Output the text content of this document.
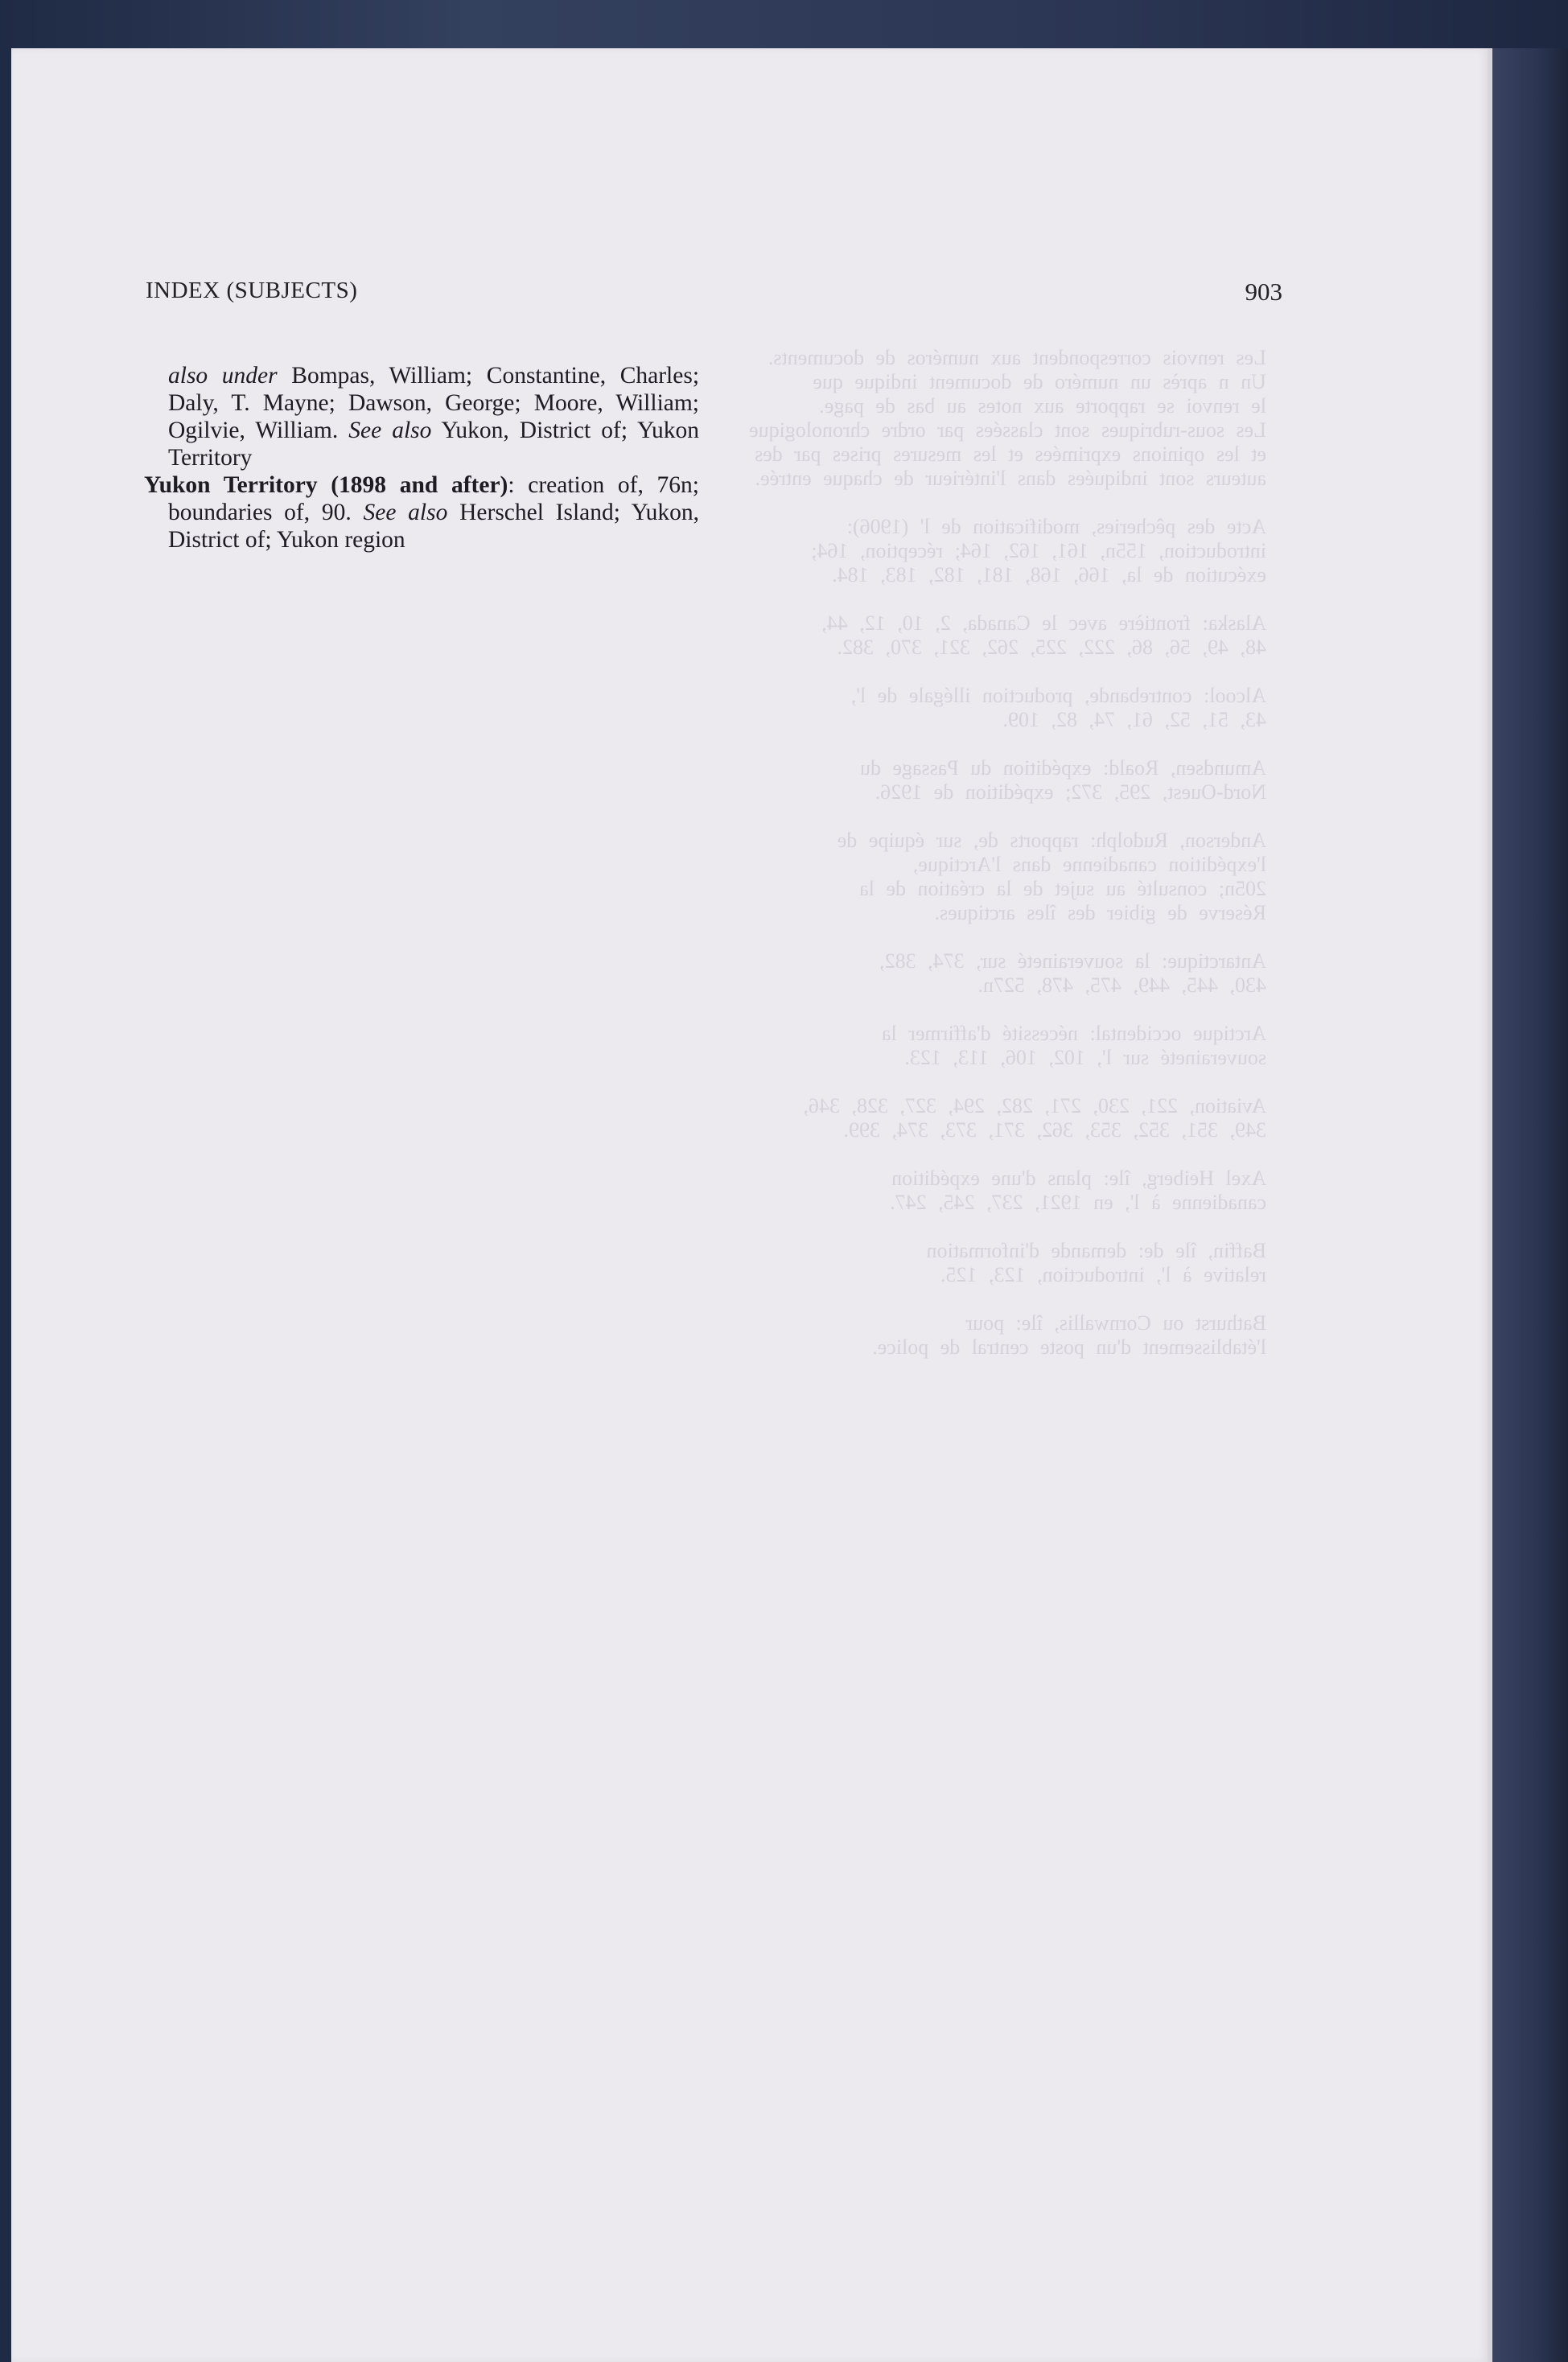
Les renvois correspondent aux numéros de documents.

Un n après un numéro de document indique que

le renvoi se rapporte aux notes au bas de page.

Les sous-rubriques sont classées par ordre chronologique

et les opinions exprimées et les mesures prises par des

auteurs sont indiquées dans l'intérieur de chaque entrée.

Acte des pêcheries, modification de l' (1906):

introduction, 155n, 161, 162, 164; réception, 164;

exécution de la, 166, 168, 181, 182, 183, 184.

Alaska: frontière avec le Canada, 2, 10, 12, 44,

48, 49, 56, 86, 222, 225, 262, 321, 370, 382.

Alcool: contrebande, production illégale de l',

43, 51, 52, 61, 74, 82, 109.

Amundsen, Roald: expédition du Passage du

Nord-Ouest, 295, 372; expédition de 1926.

Anderson, Rudolph: rapports de, sur équipe de

l'expédition canadienne dans l'Arctique,

205n; consulté au sujet de la création de la

Réserve de gibier des îles arctiques.

Antarctique: la souveraineté sur, 374, 382,

430, 445, 449, 475, 478, 527n.

Arctique occidental: nécessité d'affirmer la

souveraineté sur l', 102, 106, 113, 123.

Aviation, 221, 230, 271, 282, 294, 327, 328, 346,

349, 351, 352, 353, 362, 371, 373, 374, 399.

Axel Heiberg, île: plans d'une expédition

canadienne à l', en 1921, 237, 245, 247.

Baffin, île de: demande d'information

relative à l', introduction, 123, 125.

Bathurst ou Cornwallis, île: pour

l'établissement d'un poste central de police.

INDEX (SUBJECTS)	903

also under Bompas, William; Constantine, Charles; Daly, T. Mayne; Dawson, George; Moore, William; Ogilvie, William. See also Yukon, District of; Yukon Territory

Yukon Territory (1898 and after): creation of, 76n; boundaries of, 90. See also Herschel Island; Yukon, District of; Yukon region
